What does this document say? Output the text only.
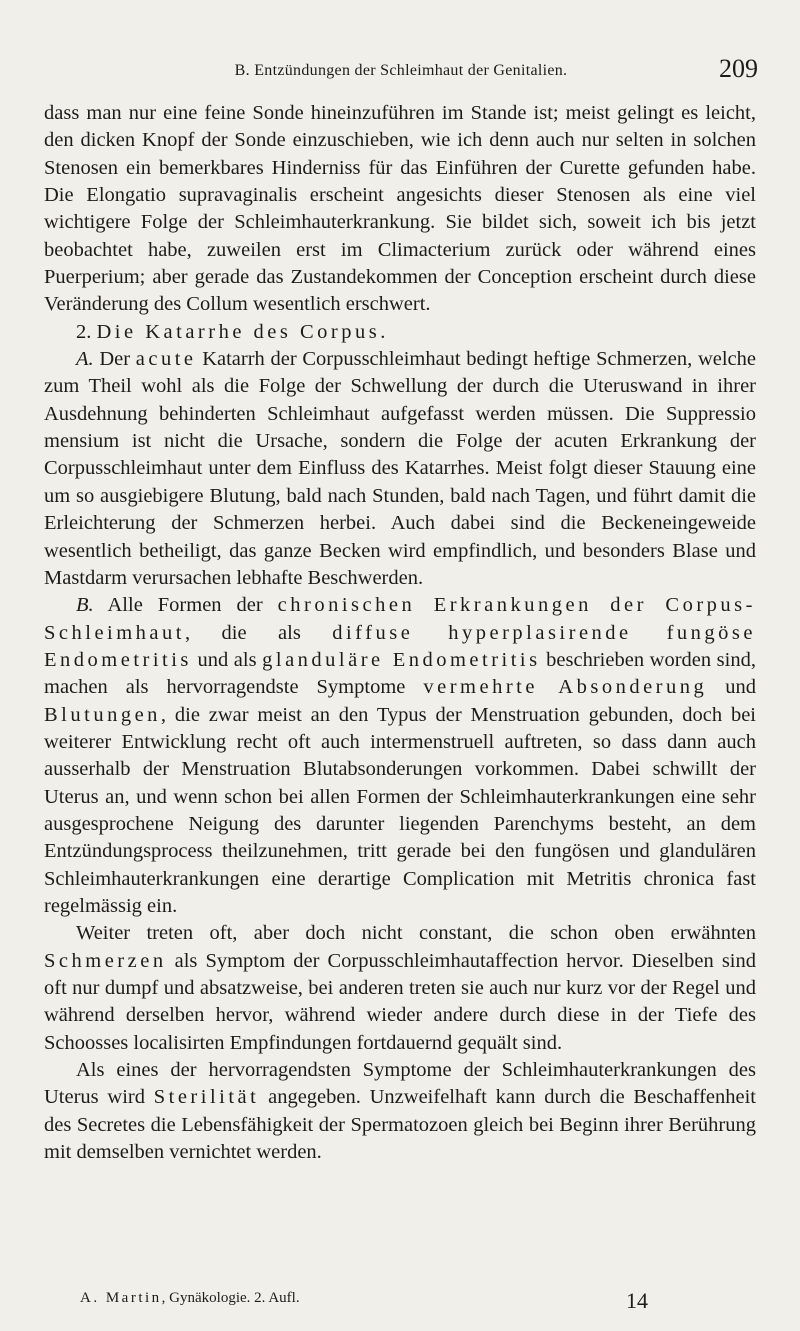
B. Entzündungen der Schleimhaut der Genitalien.	209

dass man nur eine feine Sonde hineinzuführen im Stande ist; meist gelingt es leicht, den dicken Knopf der Sonde einzuschieben, wie ich denn auch nur selten in solchen Stenosen ein bemerkbares Hinderniss für das Einführen der Curette gefunden habe. Die Elongatio supravaginalis erscheint angesichts dieser Stenosen als eine viel wichtigere Folge der Schleimhauterkrankung. Sie bildet sich, soweit ich bis jetzt beobachtet habe, zuweilen erst im Climacterium zurück oder während eines Puerperium; aber gerade das Zustandekommen der Conception erscheint durch diese Veränderung des Collum wesentlich erschwert.

2. Die Katarrhe des Corpus.

A. Der acute Katarrh der Corpusschleimhaut bedingt heftige Schmerzen, welche zum Theil wohl als die Folge der Schwellung der durch die Uteruswand in ihrer Ausdehnung behinderten Schleimhaut aufgefasst werden müssen. Die Suppressio mensium ist nicht die Ursache, sondern die Folge der acuten Erkrankung der Corpusschleimhaut unter dem Einfluss des Katarrhes. Meist folgt dieser Stauung eine um so ausgiebigere Blutung, bald nach Stunden, bald nach Tagen, und führt damit die Erleichterung der Schmerzen herbei. Auch dabei sind die Beckeneingeweide wesentlich betheiligt, das ganze Becken wird empfindlich, und besonders Blase und Mastdarm verursachen lebhafte Beschwerden.

B. Alle Formen der chronischen Erkrankungen der Corpus-Schleimhaut, die als diffuse hyperplasirende fungöse Endometritis und als glanduläre Endometritis beschrieben worden sind, machen als hervorragendste Symptome vermehrte Absonderung und Blutungen, die zwar meist an den Typus der Menstruation gebunden, doch bei weiterer Entwicklung recht oft auch intermenstruell auftreten, so dass dann auch ausserhalb der Menstruation Blutabsonderungen vorkommen. Dabei schwillt der Uterus an, und wenn schon bei allen Formen der Schleimhauterkrankungen eine sehr ausgesprochene Neigung des darunter liegenden Parenchyms besteht, an dem Entzündungsprocess theilzunehmen, tritt gerade bei den fungösen und glandulären Schleimhauterkrankungen eine derartige Complication mit Metritis chronica fast regelmässig ein.

Weiter treten oft, aber doch nicht constant, die schon oben erwähnten Schmerzen als Symptom der Corpusschleimhautaffection hervor. Dieselben sind oft nur dumpf und absatzweise, bei anderen treten sie auch nur kurz vor der Regel und während derselben hervor, während wieder andere durch diese in der Tiefe des Schoosses localisirten Empfindungen fortdauernd gequält sind.

Als eines der hervorragendsten Symptome der Schleimhauterkrankungen des Uterus wird Sterilität angegeben. Unzweifelhaft kann durch die Beschaffenheit des Secretes die Lebensfähigkeit der Spermatozoen gleich bei Beginn ihrer Berührung mit demselben vernichtet werden.

A. Martin, Gynäkologie. 2. Aufl.	14
